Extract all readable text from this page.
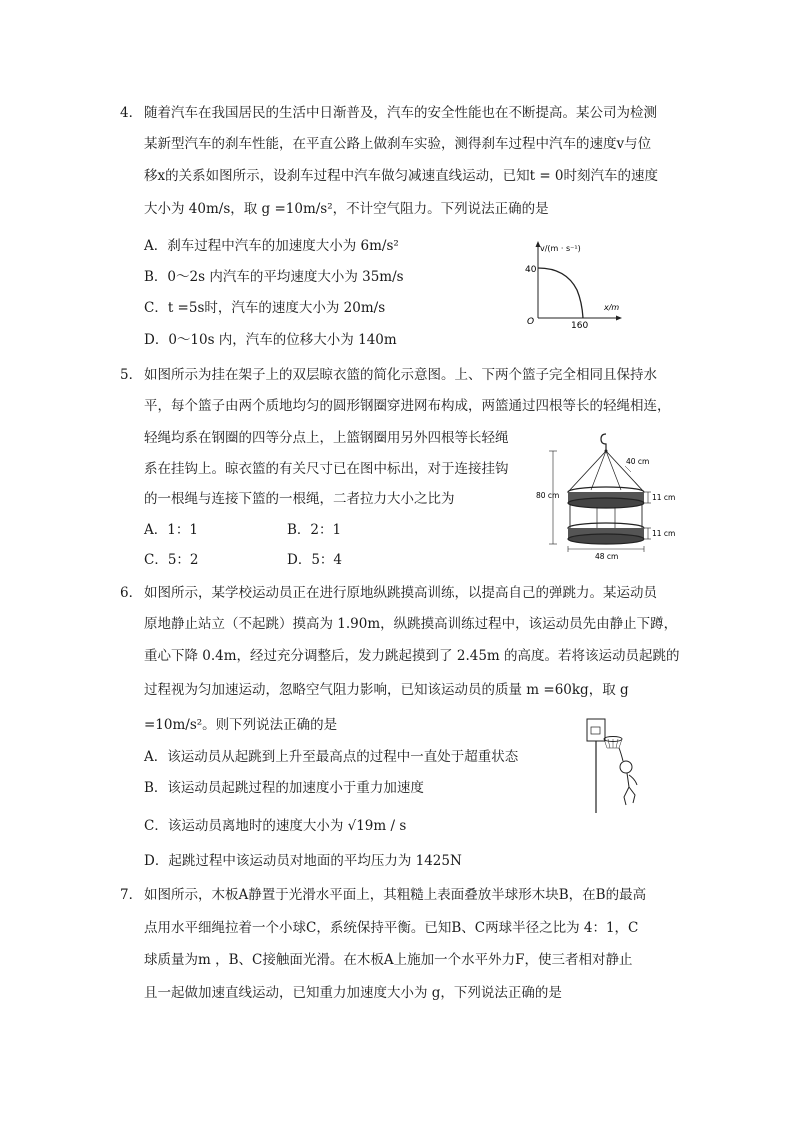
4． 随着汽车在我国居民的生活中日渐普及，汽车的安全性能也在不断提高。某公司为检测
某新型汽车的刹车性能，在平直公路上做刹车实验，测得刹车过程中汽车的速度v与位
移x的关系如图所示，设刹车过程中汽车做匀减速直线运动，已知t = 0时刻汽车的速度
大小为 40m/s，取 g =10m/s²，不计空气阻力。下列说法正确的是
A．刹车过程中汽车的加速度大小为 6m/s²
B．0～2s 内汽车的平均速度大小为 35m/s
C．t =5s时，汽车的速度大小为 20m/s
D．0～10s 内，汽车的位移大小为 140m
v/(m · s⁻¹)
x/m
40
160
O
5． 如图所示为挂在架子上的双层晾衣篮的简化示意图。上、下两个篮子完全相同且保持水
平，每个篮子由两个质地均匀的圆形钢圈穿进网布构成，两篮通过四根等长的轻绳相连，
轻绳均系在钢圈的四等分点上，上篮钢圈用另外四根等长轻绳
系在挂钩上。晾衣篮的有关尺寸已在图中标出，对于连接挂钩
的一根绳与连接下篮的一根绳，二者拉力大小之比为
A．1：1	B．2：1
C．5：2	D．5：4
80 cm
40 cm
11 cm
11 cm
48 cm
6． 如图所示，某学校运动员正在进行原地纵跳摸高训练，以提高自己的弹跳力。某运动员
原地静止站立（不起跳）摸高为 1.90m，纵跳摸高训练过程中，该运动员先由静止下蹲，
重心下降 0.4m，经过充分调整后，发力跳起摸到了 2.45m 的高度。若将该运动员起跳的
过程视为匀加速运动，忽略空气阻力影响，已知该运动员的质量 m =60kg，取 g
=10m/s²。则下列说法正确的是
A．该运动员从起跳到上升至最高点的过程中一直处于超重状态
B．该运动员起跳过程的加速度小于重力加速度
C．该运动员离地时的速度大小为 √19m / s
D．起跳过程中该运动员对地面的平均压力为 1425N
7． 如图所示，木板A静置于光滑水平面上，其粗糙上表面叠放半球形木块B，在B的最高
点用水平细绳拉着一个小球C，系统保持平衡。已知B、C两球半径之比为 4：1，C
球质量为m ，B、C接触面光滑。在木板A上施加一个水平外力F，使三者相对静止
且一起做加速直线运动，已知重力加速度大小为 g，下列说法正确的是
